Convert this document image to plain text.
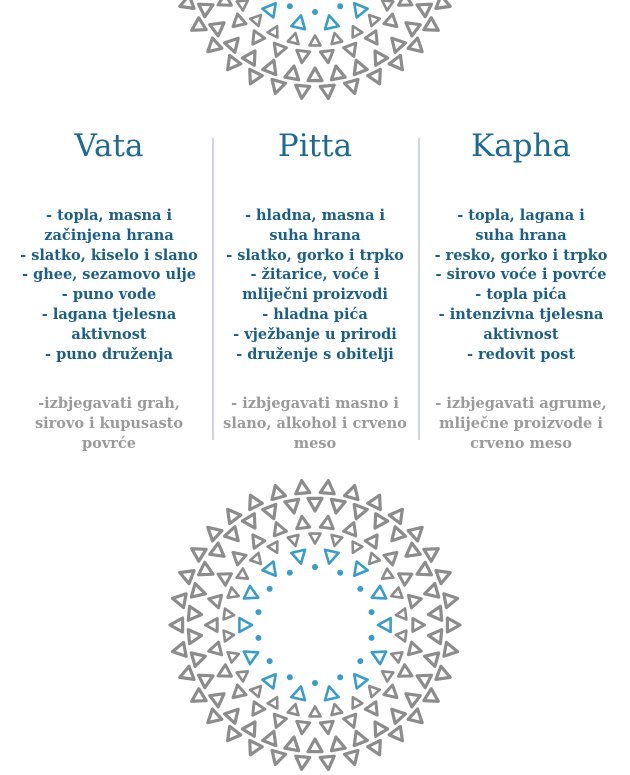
Vata
- topla, masna i
začinjena hrana
- slatko, kiselo i slano
- ghee, sezamovo ulje
- puno vode
- lagana tjelesna
aktivnost
- puno druženja
-izbjegavati grah,
sirovo i kupusasto
povrće
Pitta
- hladna, masna i
suha hrana
- slatko, gorko i trpko
- žitarice, voće i
mliječni proizvodi
- hladna pića
- vježbanje u prirodi
- druženje s obitelji
- izbjegavati masno i
slano, alkohol i crveno
meso
Kapha
- topla, lagana i
suha hrana
- resko, gorko i trpko
- sirovo voće i povrće
- topla pića
- intenzivna tjelesna
aktivnost
- redovit post
- izbjegavati agrume,
mliječne proizvode i
crveno meso
